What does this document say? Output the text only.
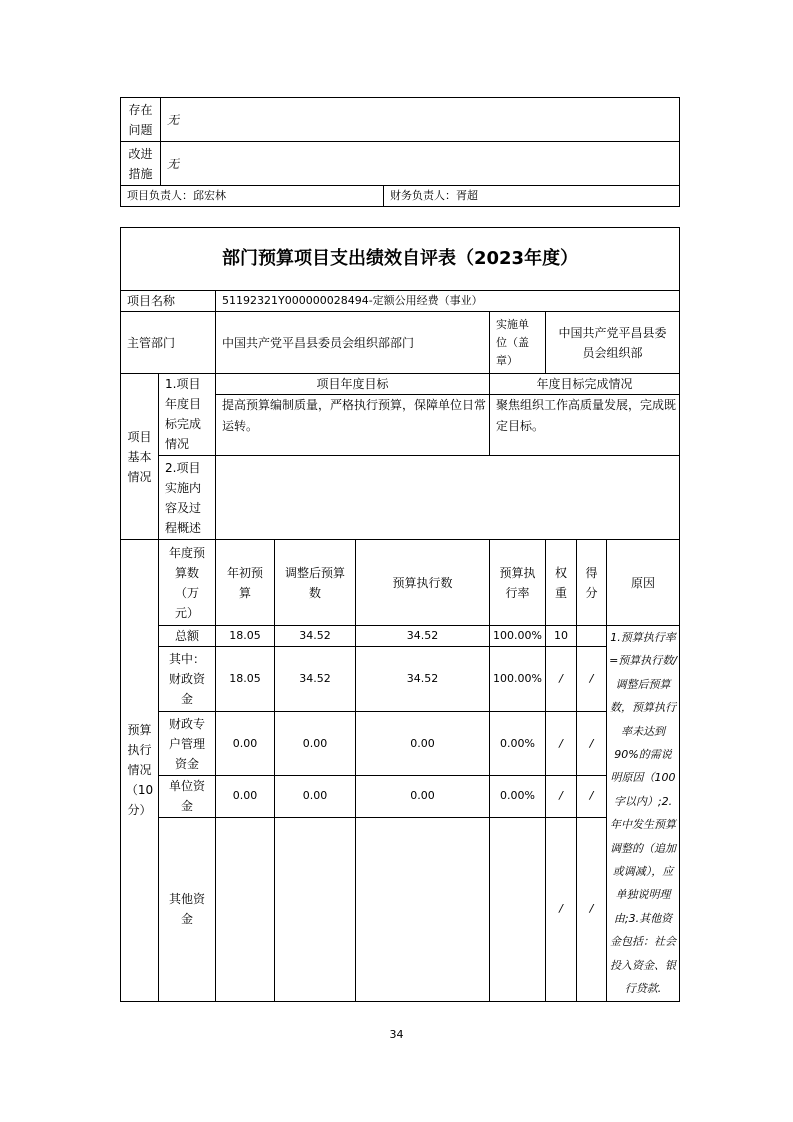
存在
问题	无	
改进
措施	无	
项目负责人：邱宏林		财务负责人：胥超
部门预算项目支出绩效自评表（2023年度）								
项目名称		51192321Y000000028494-定额公用经费（事业）						
主管部门		中国共产党平昌县委员会组织部部门			实施单
位（盖
章）	中国共产党平昌县委
员会组织部		
项目
基本
情况	1.项目
年度目
标完成
情况	项目年度目标			年度目标完成情况			
		提高预算编制质量，严格执行预算，保障单位日常运转。			聚焦组织工作高质量发展，完成既定目标。			
	2.项目
实施内
容及过
程概述							
预算
执行
情况
（10
分）	年度预
算数
（万
元）	年初预
算	调整后预算
数	预算执行数	预算执
行率	权
重	得
分	原因
	总额	18.05	34.52	34.52	100.00%	10		1.预算执行率=预算执行数/调整后预算数，预算执行率未达到90%的需说明原因（100字以内）;2.年中发生预算调整的（追加或调减），应单独说明理由;3.其他资金包括：社会投入资金、银行贷款.
	其中：
财政资
金	18.05	34.52	34.52	100.00%	/	/	
	财政专
户管理
资金	0.00	0.00	0.00	0.00%	/	/	
	单位资
金	0.00	0.00	0.00	0.00%	/	/	
	其他资
金					/	/	
34
